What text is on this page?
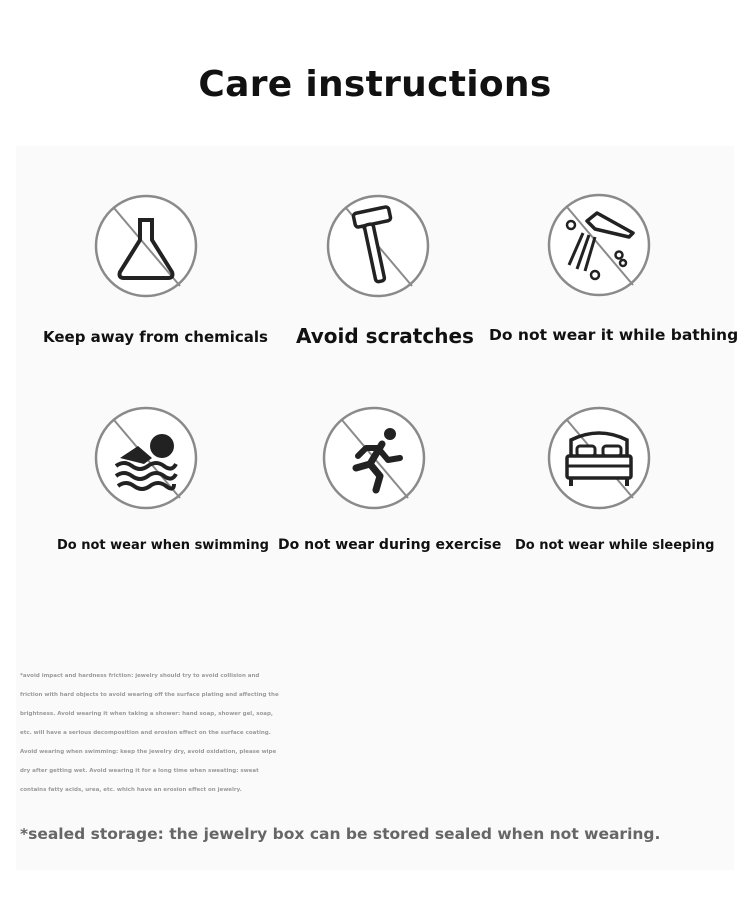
Care instructions
Keep away from chemicals Avoid scratches Do not wear it while bathing
Do not wear when swimming Do not wear during exercise Do not wear while sleeping
*avoid impact and hardness friction: jewelry should try to avoid collision and
friction with hard objects to avoid wearing off the surface plating and affecting the
brightness. Avoid wearing it when taking a shower: hand soap, shower gel, soap,
etc. will have a serious decomposition and erosion effect on the surface coating.
Avoid wearing when swimming: keep the jewelry dry, avoid oxidation, please wipe
dry after getting wet. Avoid wearing it for a long time when sweating: sweat
contains fatty acids, urea, etc. which have an erosion effect on jewelry.
*sealed storage: the jewelry box can be stored sealed when not wearing.
